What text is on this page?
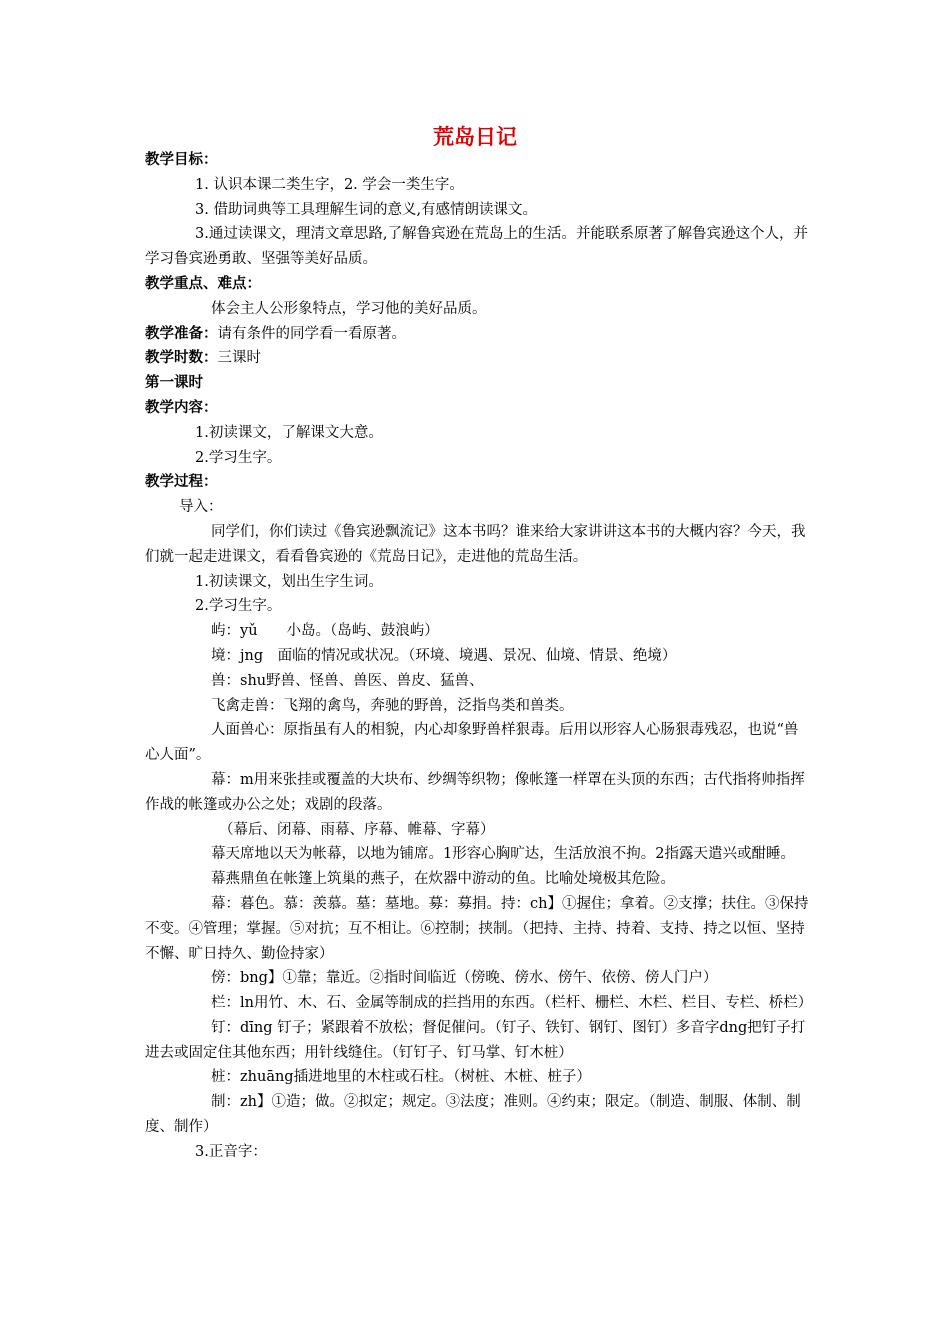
荒岛日记

教学目标：

1. 认识本课二类生字，2. 学会一类生字。

3. 借助词典等工具理解生词的意义,有感情朗读课文。

3.通过读课文，理清文章思路,了解鲁宾逊在荒岛上的生活。并能联系原著了解鲁宾逊这个人，并学习鲁宾逊勇敢、坚强等美好品质。

教学重点、难点：

体会主人公形象特点，学习他的美好品质。

教学准备：请有条件的同学看一看原著。

教学时数：三课时

第一课时

教学内容：

1.初读课文，了解课文大意。

2.学习生字。

教学过程：

导入：

同学们，你们读过《鲁宾逊飘流记》这本书吗？谁来给大家讲讲这本书的大概内容？今天，我们就一起走进课文，看看鲁宾逊的《荒岛日记》，走进他的荒岛生活。

1.初读课文，划出生字生词。

2.学习生字。

屿：yǔ　　小岛。（岛屿、鼓浪屿）

境：jng　面临的情况或状况。（环境、境遇、景况、仙境、情景、绝境）

兽：shu野兽、怪兽、兽医、兽皮、猛兽、

飞禽走兽：飞翔的禽鸟，奔驰的野兽，泛指鸟类和兽类。

人面兽心：原指虽有人的相貌，内心却象野兽样狠毒。后用以形容人心肠狠毒残忍，也说“兽心人面”。

幕：m用来张挂或覆盖的大块布、纱绸等织物；像帐篷一样罩在头顶的东西；古代指将帅指挥作战的帐篷或办公之处；戏剧的段落。

（幕后、闭幕、雨幕、序幕、帷幕、字幕）

幕天席地以天为帐幕，以地为铺席。1形容心胸旷达，生活放浪不拘。2指露天遣兴或酣睡。

幕燕鼎鱼在帐篷上筑巢的燕子，在炊器中游动的鱼。比喻处境极其危险。

幕：暮色。慕：羡慕。墓：墓地。募：募捐。持：ch】①握住；拿着。②支撑；扶住。③保持不变。④管理；掌握。⑤对抗；互不相让。⑥控制；挟制。（把持、主持、持着、支持、持之以恒、坚持不懈、旷日持久、勤俭持家）

傍：bng】①靠；靠近。②指时间临近（傍晚、傍水、傍午、依傍、傍人门户）

栏：ln用竹、木、石、金属等制成的拦挡用的东西。（栏杆、栅栏、木栏、栏目、专栏、桥栏）

钉：dīng 钉子；紧跟着不放松；督促催问。（钉子、铁钉、钢钉、图钉）多音字dng把钉子打进去或固定住其他东西；用针线缝住。（钉钉子、钉马掌、钉木桩）

桩：zhuāng插进地里的木柱或石柱。（树桩、木桩、桩子）

制：zh】①造；做。②拟定；规定。③法度；准则。④约束；限定。（制造、制服、体制、制度、制作）

3.正音字：
